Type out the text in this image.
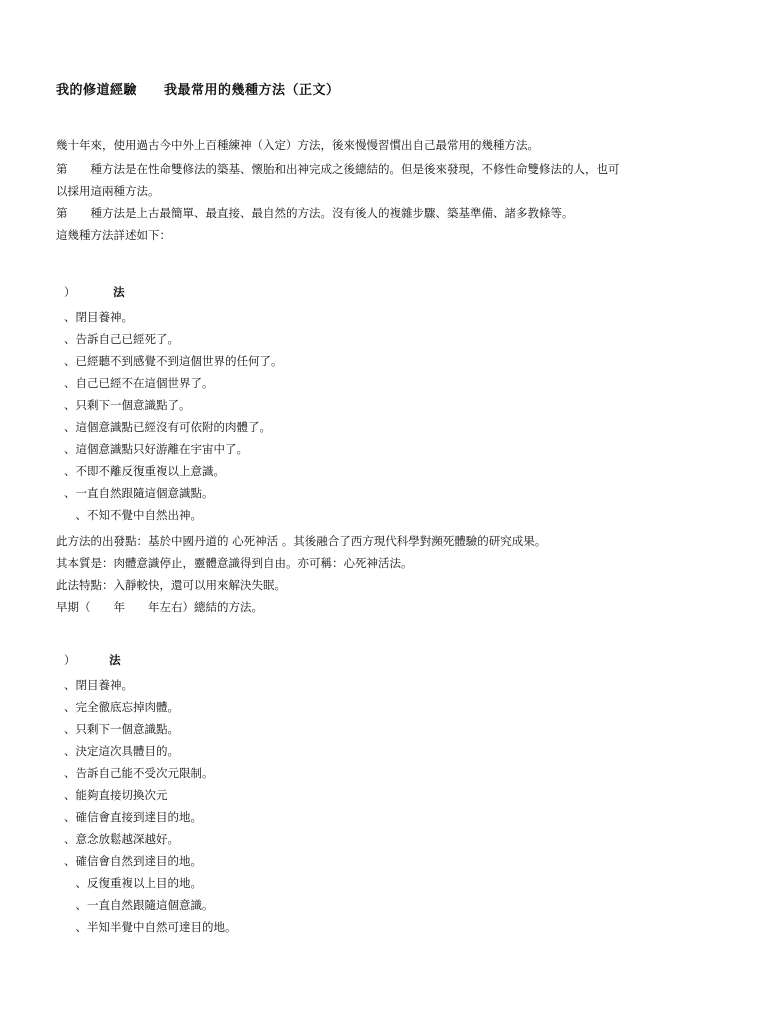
我的修道經驗　　我最常用的幾種方法（正文）

幾十年來，使用過古今中外上百種練神（入定）方法，後來慢慢習慣出自己最常用的幾種方法。

第　　種方法是在性命雙修法的築基、懷胎和出神完成之後總結的。但是後來發現，不修性命雙修法的人，也可

以採用這兩種方法。

第　　種方法是上古最簡單、最直接、最自然的方法。沒有後人的複雜步驟、築基準備、諸多教條等。

這幾種方法詳述如下：

）	法
、閉目養神。
、告訴自己已經死了。
、已經聽不到感覺不到這個世界的任何了。
、自己已經不在這個世界了。
、只剩下一個意識點了。
、這個意識點已經沒有可依附的肉體了。
、這個意識點只好游離在宇宙中了。
、不即不離反復重複以上意識。
、一直自然跟隨這個意識點。
　、不知不覺中自然出神。

此方法的出發點：基於中國丹道的 心死神活 。其後融合了西方現代科學對瀕死體驗的研究成果。

其本質是：肉體意識停止，靈體意識得到自由。亦可稱：心死神活法。

此法特點：入靜較快，還可以用來解決失眠。

早期（　　年　　年左右）總結的方法。

）	法
、閉目養神。
、完全徹底忘掉肉體。
、只剩下一個意識點。
、決定這次具體目的。
、告訴自己能不受次元限制。
、能夠直接切換次元
、確信會直接到達目的地。
、意念放鬆越深越好。
、確信會自然到達目的地。
　、反復重複以上目的地。
　、一直自然跟隨這個意識。
　、半知半覺中自然可達目的地。
